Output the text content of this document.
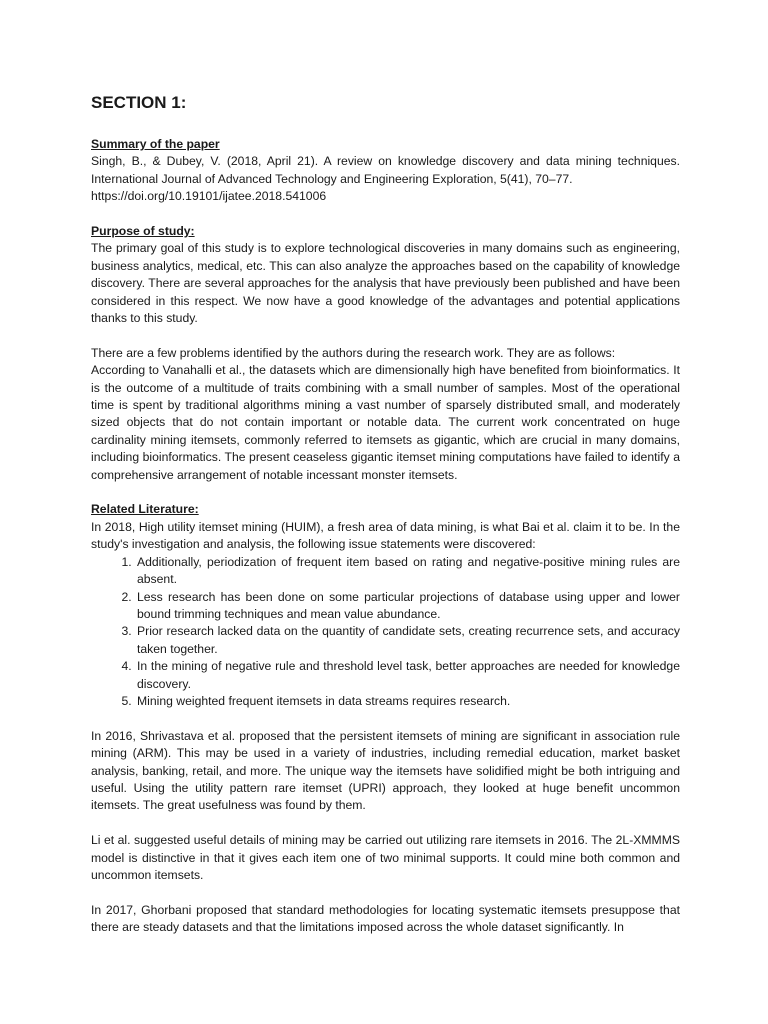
SECTION 1:
Summary of the paper

Singh, B., & Dubey, V. (2018, April 21). A review on knowledge discovery and data mining techniques. International Journal of Advanced Technology and Engineering Exploration, 5(41), 70–77.

https://doi.org/10.19101/ijatee.2018.541006

Purpose of study:

The primary goal of this study is to explore technological discoveries in many domains such as engineering, business analytics, medical, etc. This can also analyze the approaches based on the capability of knowledge discovery. There are several approaches for the analysis that have previously been published and have been considered in this respect. We now have a good knowledge of the advantages and potential applications thanks to this study.

There are a few problems identified by the authors during the research work. They are as follows:

According to Vanahalli et al., the datasets which are dimensionally high have benefited from bioinformatics. It is the outcome of a multitude of traits combining with a small number of samples. Most of the operational time is spent by traditional algorithms mining a vast number of sparsely distributed small, and moderately sized objects that do not contain important or notable data. The current work concentrated on huge cardinality mining itemsets, commonly referred to itemsets as gigantic, which are crucial in many domains, including bioinformatics. The present ceaseless gigantic itemset mining computations have failed to identify a comprehensive arrangement of notable incessant monster itemsets.

Related Literature:

In 2018, High utility itemset mining (HUIM), a fresh area of data mining, is what Bai et al. claim it to be. In the study's investigation and analysis, the following issue statements were discovered:

1. Additionally, periodization of frequent item based on rating and negative-positive mining rules are absent.
2. Less research has been done on some particular projections of database using upper and lower bound trimming techniques and mean value abundance.
3. Prior research lacked data on the quantity of candidate sets, creating recurrence sets, and accuracy taken together.
4. In the mining of negative rule and threshold level task, better approaches are needed for knowledge discovery.
5. Mining weighted frequent itemsets in data streams requires research.

In 2016, Shrivastava et al. proposed that the persistent itemsets of mining are significant in association rule mining (ARM). This may be used in a variety of industries, including remedial education, market basket analysis, banking, retail, and more. The unique way the itemsets have solidified might be both intriguing and useful. Using the utility pattern rare itemset (UPRI) approach, they looked at huge benefit uncommon itemsets. The great usefulness was found by them.

Li et al. suggested useful details of mining may be carried out utilizing rare itemsets in 2016. The 2L-XMMMS model is distinctive in that it gives each item one of two minimal supports. It could mine both common and uncommon itemsets.

In 2017, Ghorbani proposed that standard methodologies for locating systematic itemsets presuppose that there are steady datasets and that the limitations imposed across the whole dataset significantly. In
